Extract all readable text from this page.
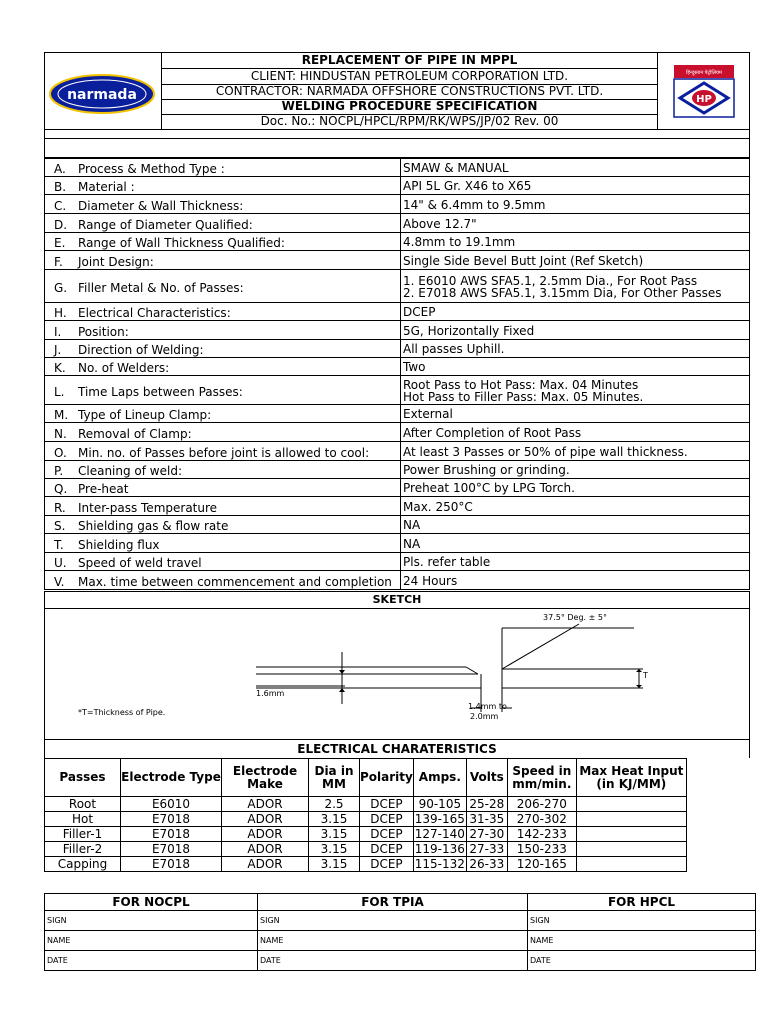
narmada
REPLACEMENT OF PIPE IN MPPL
CLIENT: HINDUSTAN PETROLEUM CORPORATION LTD.
CONTRACTOR: NARMADA OFFSHORE CONSTRUCTIONS PVT. LTD.
WELDING PROCEDURE SPECIFICATION
Doc. No.: NOCPL/HPCL/RPM/RK/WPS/JP/02 Rev. 00
हिन्दुस्तान पेट्रोलियम
HP
A. Process & Method Type :	SMAW & MANUAL
B. Material :	API 5L Gr. X46 to X65
C. Diameter & Wall Thickness:	14" & 6.4mm to 9.5mm
D. Range of Diameter Qualified:	Above 12.7"
E. Range of Wall Thickness Qualified:	4.8mm to 19.1mm
F. Joint Design:	Single Side Bevel Butt Joint (Ref Sketch)
G. Filler Metal & No. of Passes:	1. E6010 AWS SFA5.1, 2.5mm Dia., For Root Pass
2. E7018 AWS SFA5.1, 3.15mm Dia, For Other Passes
H. Electrical Characteristics:	DCEP
I. Position:	5G, Horizontally Fixed
J. Direction of Welding:	All passes Uphill.
K. No. of Welders:	Two
L. Time Laps between Passes:	Root Pass to Hot Pass: Max. 04 Minutes
Hot Pass to Filler Pass: Max. 05 Minutes.
M. Type of Lineup Clamp:	External
N. Removal of Clamp:	After Completion of Root Pass
O. Min. no. of Passes before joint is allowed to cool:	At least 3 Passes or 50% of pipe wall thickness.
P. Cleaning of weld:	Power Brushing or grinding.
Q. Pre-heat	Preheat 100°C by LPG Torch.
R. Inter-pass Temperature	Max. 250°C
S. Shielding gas & flow rate	NA
T. Shielding flux	NA
U. Speed of weld travel	Pls. refer table
V. Max. time between commencement and completion 24 Hours
SKETCH
37.5° Deg. ± 5°
1.6mm
1.4mm to
2.0mm
T
*T=Thickness of Pipe.
ELECTRICAL CHARATERISTICS
Passes	Electrode Type	Electrode Make	Dia in MM	Polarity	Amps.	Volts	Speed in mm/min.	Max Heat Input (in KJ/MM)
Root	E6010	ADOR	2.5	DCEP	90-105	25-28	206-270	
Hot	E7018	ADOR	3.15	DCEP	139-165	31-35	270-302	
Filler-1	E7018	ADOR	3.15	DCEP	127-140	27-30	142-233	
Filler-2	E7018	ADOR	3.15	DCEP	119-136	27-33	150-233	
Capping	E7018	ADOR	3.15	DCEP	115-132	26-33	120-165	
FOR NOCPL	FOR TPIA	FOR HPCL
SIGN	SIGN	SIGN
NAME	NAME	NAME
DATE	DATE	DATE
